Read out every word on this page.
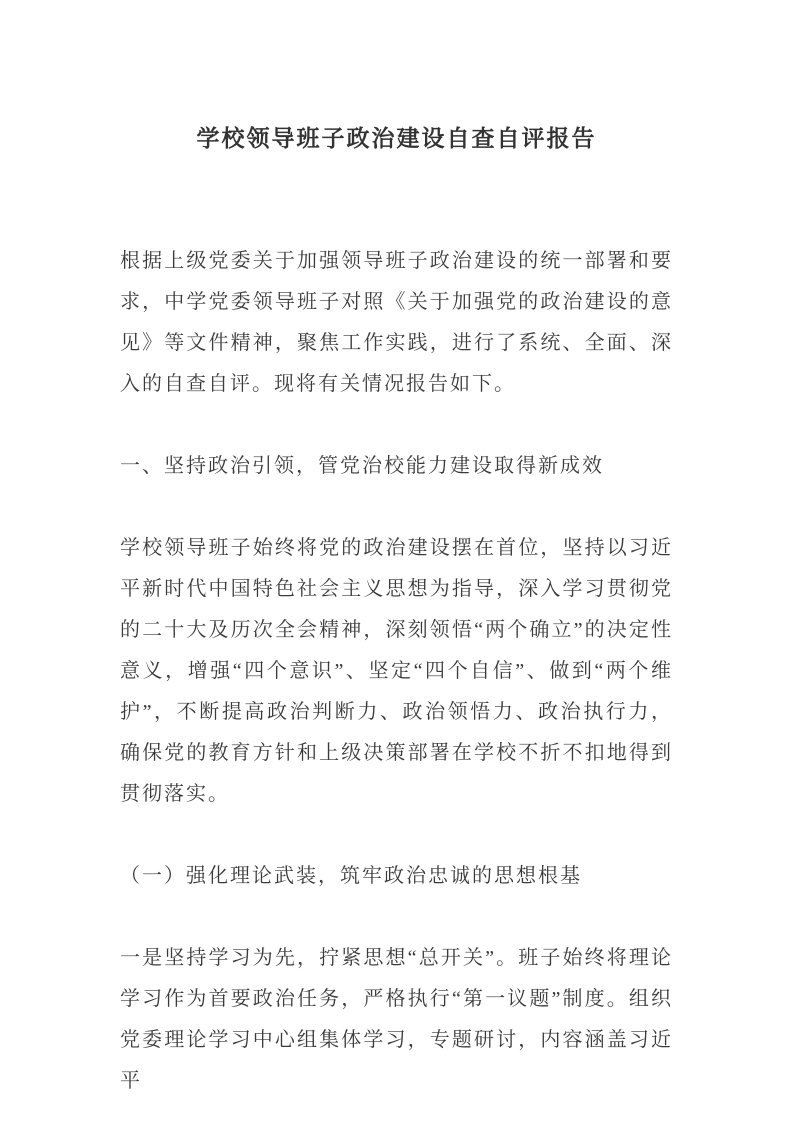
学校领导班子政治建设自查自评报告

根据上级党委关于加强领导班子政治建设的统一部署和要求，中学党委领导班子对照《关于加强党的政治建设的意见》等文件精神，聚焦工作实践，进行了系统、全面、深入的自查自评。现将有关情况报告如下。

一、坚持政治引领，管党治校能力建设取得新成效

学校领导班子始终将党的政治建设摆在首位，坚持以习近平新时代中国特色社会主义思想为指导，深入学习贯彻党的二十大及历次全会精神，深刻领悟“两个确立”的决定性意义，增强“四个意识”、坚定“四个自信”、做到“两个维护”，不断提高政治判断力、政治领悟力、政治执行力，确保党的教育方针和上级决策部署在学校不折不扣地得到贯彻落实。

（一）强化理论武装，筑牢政治忠诚的思想根基

一是坚持学习为先，拧紧思想“总开关”。班子始终将理论学习作为首要政治任务，严格执行“第一议题”制度。组织党委理论学习中心组集体学习，专题研讨，内容涵盖习近平
